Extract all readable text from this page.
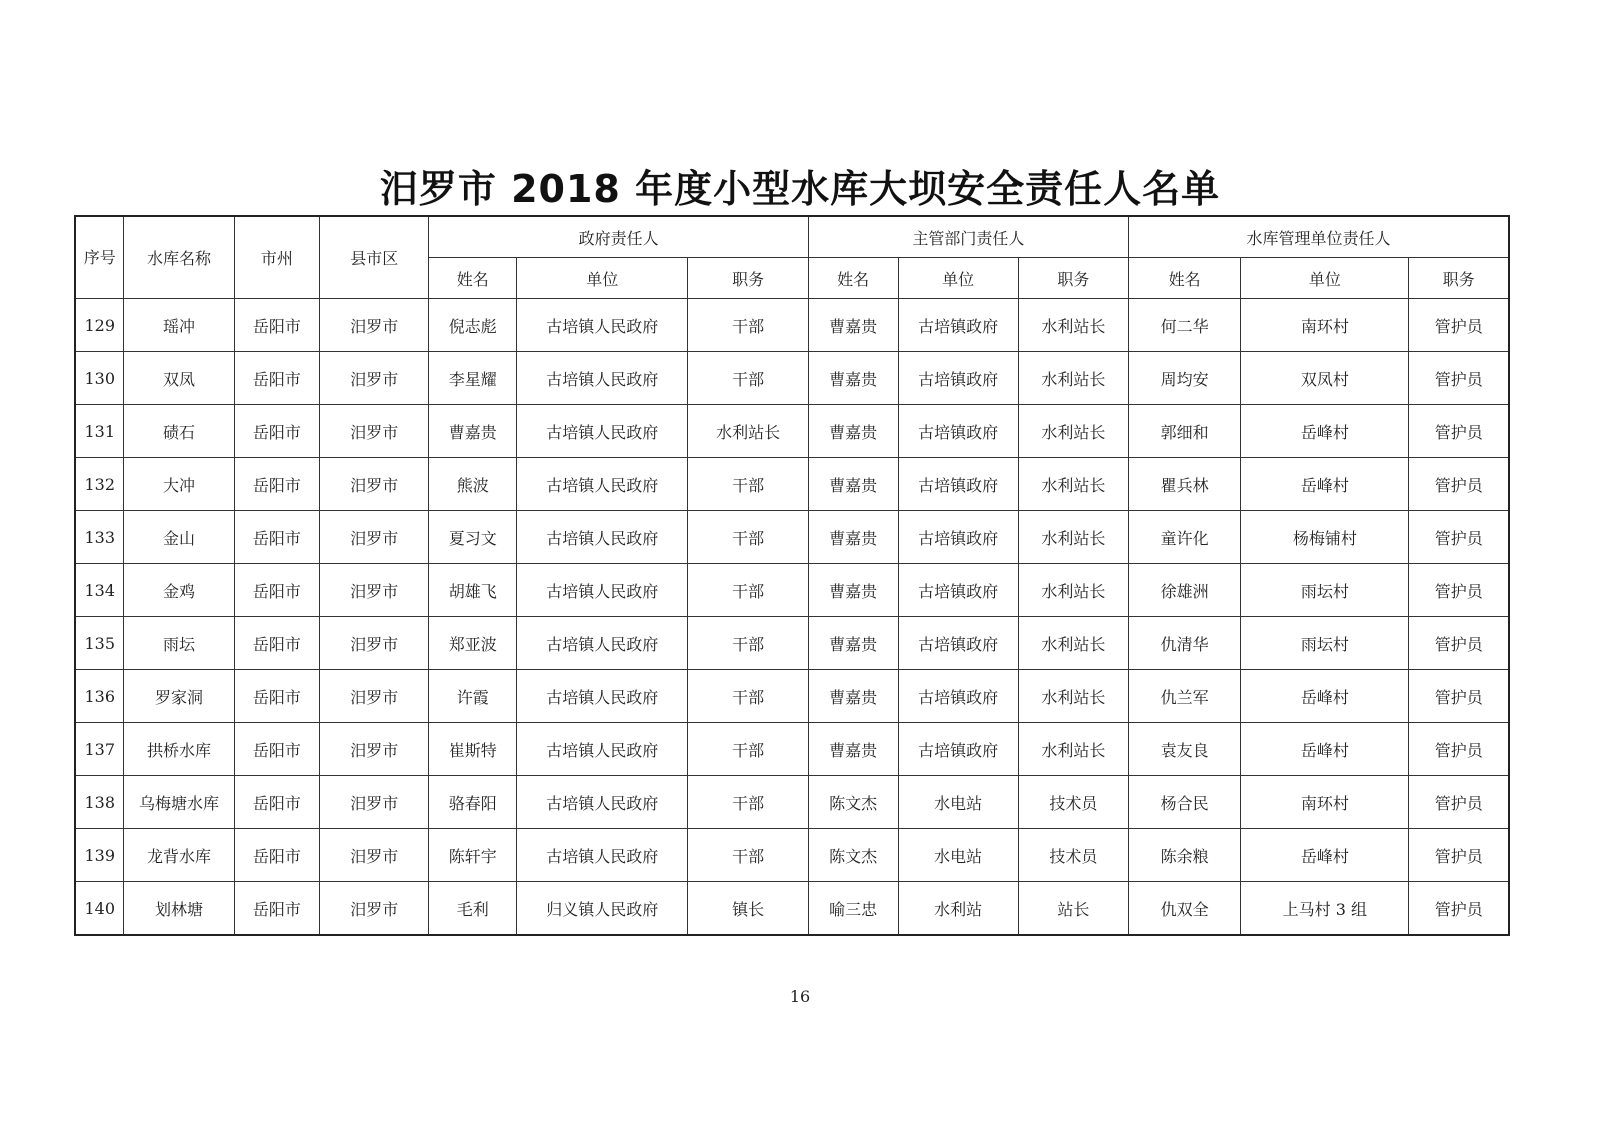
汨罗市 2018 年度小型水库大坝安全责任人名单
序号	水库名称	市州	县市区	政府责任人			主管部门责任人			水库管理单位责任人		
				姓名	单位	职务	姓名	单位	职务	姓名	单位	职务
129	瑶冲	岳阳市	汨罗市	倪志彪	古培镇人民政府	干部	曹嘉贵	古培镇政府	水利站长	何二华	南环村	管护员
130	双凤	岳阳市	汨罗市	李星耀	古培镇人民政府	干部	曹嘉贵	古培镇政府	水利站长	周均安	双凤村	管护员
131	碛石	岳阳市	汨罗市	曹嘉贵	古培镇人民政府	水利站长	曹嘉贵	古培镇政府	水利站长	郭细和	岳峰村	管护员
132	大冲	岳阳市	汨罗市	熊波	古培镇人民政府	干部	曹嘉贵	古培镇政府	水利站长	瞿兵林	岳峰村	管护员
133	金山	岳阳市	汨罗市	夏习文	古培镇人民政府	干部	曹嘉贵	古培镇政府	水利站长	童许化	杨梅铺村	管护员
134	金鸡	岳阳市	汨罗市	胡雄飞	古培镇人民政府	干部	曹嘉贵	古培镇政府	水利站长	徐雄洲	雨坛村	管护员
135	雨坛	岳阳市	汨罗市	郑亚波	古培镇人民政府	干部	曹嘉贵	古培镇政府	水利站长	仇清华	雨坛村	管护员
136	罗家洞	岳阳市	汨罗市	许霞	古培镇人民政府	干部	曹嘉贵	古培镇政府	水利站长	仇兰军	岳峰村	管护员
137	拱桥水库	岳阳市	汨罗市	崔斯特	古培镇人民政府	干部	曹嘉贵	古培镇政府	水利站长	袁友良	岳峰村	管护员
138	乌梅塘水库	岳阳市	汨罗市	骆春阳	古培镇人民政府	干部	陈文杰	水电站	技术员	杨合民	南环村	管护员
139	龙背水库	岳阳市	汨罗市	陈轩宇	古培镇人民政府	干部	陈文杰	水电站	技术员	陈余粮	岳峰村	管护员
140	划林塘	岳阳市	汨罗市	毛利	归义镇人民政府	镇长	喻三忠	水利站	站长	仇双全	上马村 3 组	管护员
16
